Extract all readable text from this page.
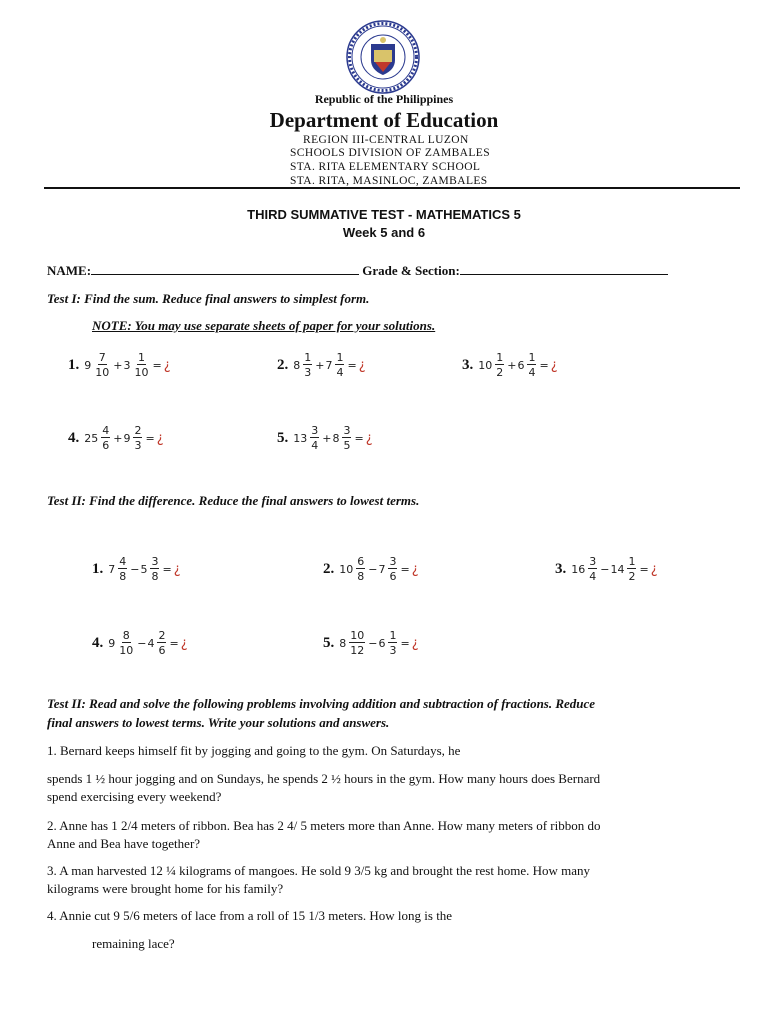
Republic of the Philippines
Department of Education
REGION III-CENTRAL LUZON
SCHOOLS DIVISION OF ZAMBALES
STA. RITA ELEMENTARY SCHOOL
STA. RITA, MASINLOC, ZAMBALES
THIRD SUMMATIVE TEST - MATHEMATICS 5
Week 5 and 6
NAME:	Grade & Section:
Test I: Find the sum. Reduce final answers to simplest form.
NOTE: You may use separate sheets of paper for your solutions.
1. $9 \frac{7}{10} + 3 \frac{1}{10}$ = ¿	2. $8 \frac{1}{3} + 7 \frac{1}{4}$ = ¿	3. $10 \frac{1}{2} + 6 \frac{1}{4}$ = ¿
4. $25 \frac{4}{6} + 9 \frac{2}{3}$ = ¿	5. $13 \frac{3}{4} + 8 \frac{3}{5}$ = ¿
Test II: Find the difference. Reduce the final answers to lowest terms.
1. $7 \frac{4}{8} - 5 \frac{3}{8}$ = ¿	2. $10 \frac{6}{8} - 7 \frac{3}{6}$ = ¿	3. $16 \frac{3}{4} - 14 \frac{1}{2}$ = ¿
4. $9 \frac{8}{10} - 4 \frac{2}{6}$ = ¿	5. $8 \frac{10}{12} - 6 \frac{1}{3}$ = ¿
Test II: Read and solve the following problems involving addition and subtraction of fractions. Reduce
final answers to lowest terms. Write your solutions and answers.
1. Bernard keeps himself fit by jogging and going to the gym. On Saturdays, he
spends 1 ½ hour jogging and on Sundays, he spends 2 ½ hours in the gym. How many hours does Bernard
spend exercising every weekend?
2. Anne has 1 2/4 meters of ribbon. Bea has 2 4/ 5 meters more than Anne. How many meters of ribbon do
Anne and Bea have together?
3. A man harvested 12 ¼ kilograms of mangoes. He sold 9 3/5 kg and brought the rest home. How many
kilograms were brought home for his family?
4. Annie cut 9 5/6 meters of lace from a roll of 15 1/3 meters. How long is the
remaining lace?
